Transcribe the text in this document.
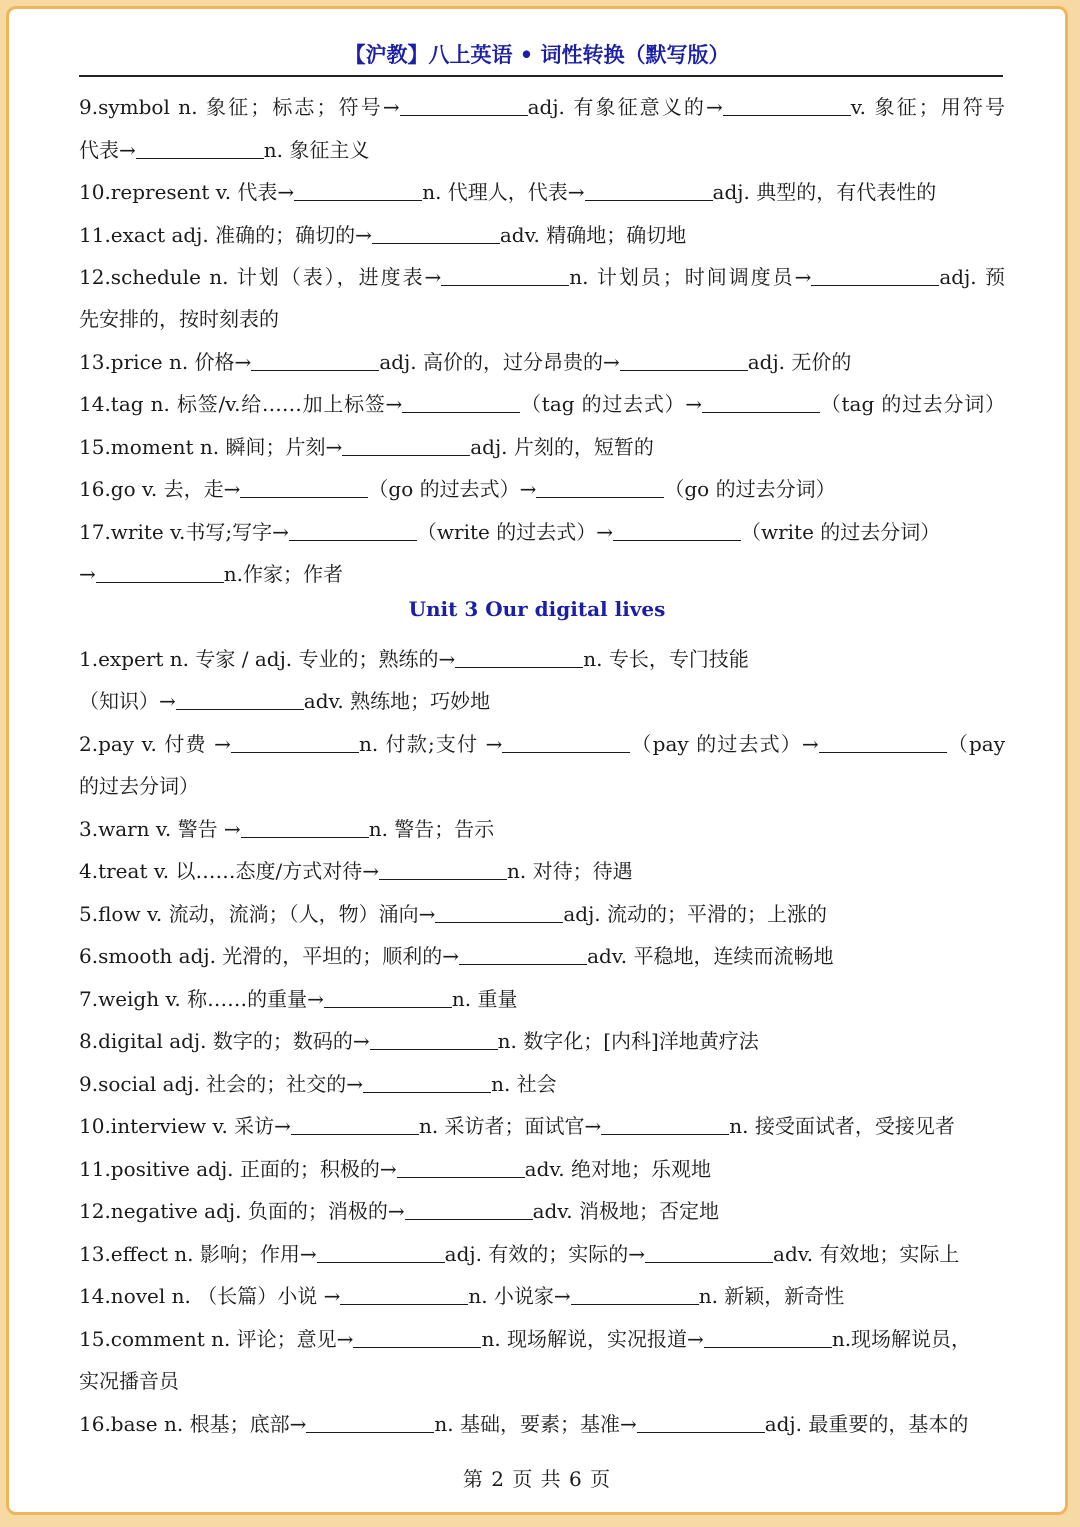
【沪教】八上英语 • 词性转换（默写版）
9.symbol n. 象征；标志；符号→	adj. 有象征意义的→	v. 象征；用符号
代表→	n. 象征主义
10.represent v. 代表→	n. 代理人，代表→	adj. 典型的，有代表性的
11.exact adj. 准确的；确切的→	adv. 精确地；确切地
12.schedule n. 计划（表），进度表→	n. 计划员；时间调度员→	adj. 预
先安排的，按时刻表的
13.price n. 价格→	adj. 高价的，过分昂贵的→	adj. 无价的
14.tag n. 标签/v.给……加上标签→	（tag 的过去式）→	（tag 的过去分词）
15.moment n. 瞬间；片刻→	adj. 片刻的，短暂的
16.go v. 去，走→	（go 的过去式）→	（go 的过去分词）
17.write v.书写;写字→	（write 的过去式）→	（write 的过去分词）
→	n.作家；作者
Unit 3 Our digital lives
1.expert n. 专家 / adj. 专业的；熟练的→	n. 专长，专门技能
（知识）→	adv. 熟练地；巧妙地
2.pay v. 付费 →	n. 付款;支付 →	（pay 的过去式）→	（pay
的过去分词）
3.warn v. 警告 →	n. 警告；告示
4.treat v. 以……态度/方式对待→	n. 对待；待遇
5.flow v. 流动，流淌；（人，物）涌向→	adj. 流动的；平滑的；上涨的
6.smooth adj. 光滑的，平坦的；顺利的→	adv. 平稳地，连续而流畅地
7.weigh v. 称……的重量→	n. 重量
8.digital adj. 数字的；数码的→	n. 数字化；[内科]洋地黄疗法
9.social adj. 社会的；社交的→	n. 社会
10.interview v. 采访→	n. 采访者；面试官→	n. 接受面试者，受接见者
11.positive adj. 正面的；积极的→	adv. 绝对地；乐观地
12.negative adj. 负面的；消极的→	adv. 消极地；否定地
13.effect n. 影响；作用→	adj. 有效的；实际的→	adv. 有效地；实际上
14.novel n. （长篇）小说 →	n. 小说家→	n. 新颖，新奇性
15.comment n. 评论；意见→	n. 现场解说，实况报道→	n.现场解说员，
实况播音员
16.base n. 根基；底部→	n. 基础，要素；基准→	adj. 最重要的，基本的
第 2 页 共 6 页
